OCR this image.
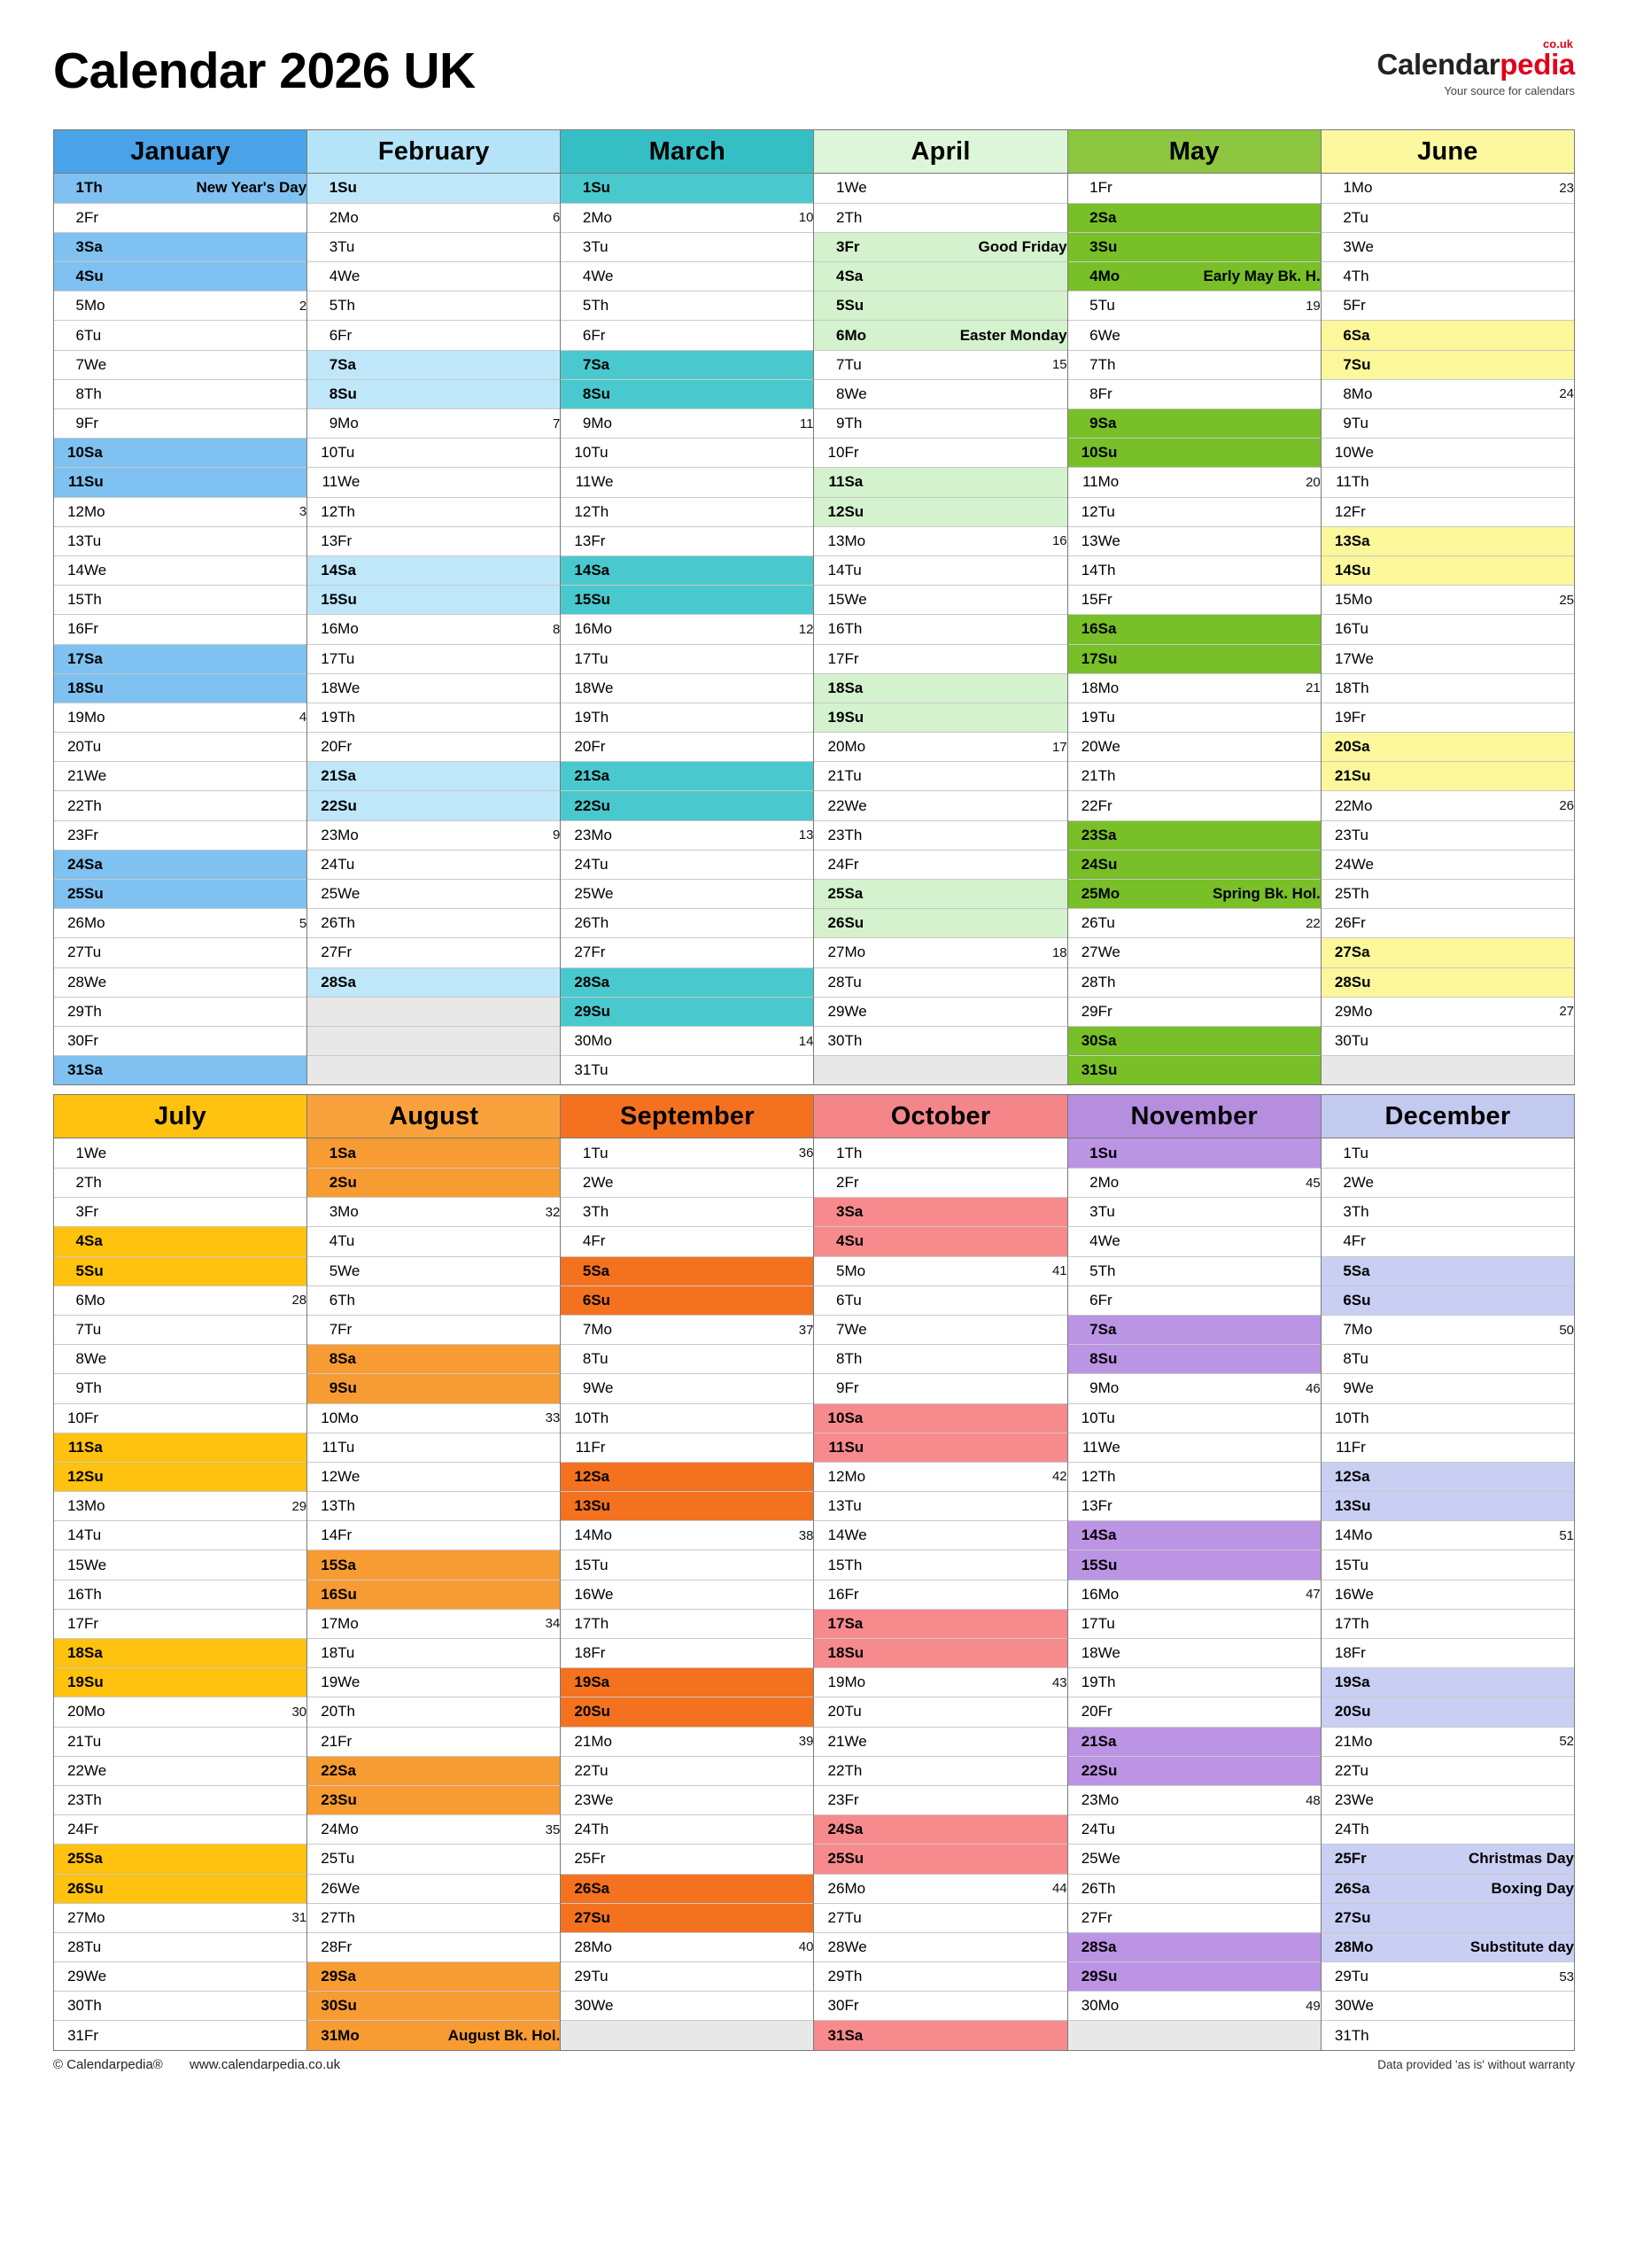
Calendar 2026 UK	co.uk
Calendarpedia
Your source for calendars
January	February	March	April	May	June

1	Th	New Year's Day
2	Fr	
3	Sa	
4	Su	
5	Mo	2
6	Tu	
7	We	
8	Th	
9	Fr	
10	Sa	
11	Su	
12	Mo	3
13	Tu	
14	We	
15	Th	
16	Fr	
17	Sa	
18	Su	
19	Mo	4
20	Tu	
21	We	
22	Th	
23	Fr	
24	Sa	
25	Su	
26	Mo	5
27	Tu	
28	We	
29	Th	
30	Fr	
31	Sa	

1	Su	
2	Mo	6
3	Tu	
4	We	
5	Th	
6	Fr	
7	Sa	
8	Su	
9	Mo	7
10	Tu	
11	We	
12	Th	
13	Fr	
14	Sa	
15	Su	
16	Mo	8
17	Tu	
18	We	
19	Th	
20	Fr	
21	Sa	
22	Su	
23	Mo	9
24	Tu	
25	We	
26	Th	
27	Fr	
28	Sa	

1	Su	
2	Mo	10
3	Tu	
4	We	
5	Th	
6	Fr	
7	Sa	
8	Su	
9	Mo	11
10	Tu	
11	We	
12	Th	
13	Fr	
14	Sa	
15	Su	
16	Mo	12
17	Tu	
18	We	
19	Th	
20	Fr	
21	Sa	
22	Su	
23	Mo	13
24	Tu	
25	We	
26	Th	
27	Fr	
28	Sa	
29	Su	
30	Mo	14
31	Tu	

1	We	
2	Th	
3	Fr	Good Friday
4	Sa	
5	Su	
6	Mo	Easter Monday
7	Tu	15
8	We	
9	Th	
10	Fr	
11	Sa	
12	Su	
13	Mo	16
14	Tu	
15	We	
16	Th	
17	Fr	
18	Sa	
19	Su	
20	Mo	17
21	Tu	
22	We	
23	Th	
24	Fr	
25	Sa	
26	Su	
27	Mo	18
28	Tu	
29	We	
30	Th	

1	Fr	
2	Sa	
3	Su	
4	Mo	Early May Bk. H.
5	Tu	19
6	We	
7	Th	
8	Fr	
9	Sa	
10	Su	
11	Mo	20
12	Tu	
13	We	
14	Th	
15	Fr	
16	Sa	
17	Su	
18	Mo	21
19	Tu	
20	We	
21	Th	
22	Fr	
23	Sa	
24	Su	
25	Mo	Spring Bk. Hol.
26	Tu	22
27	We	
28	Th	
29	Fr	
30	Sa	
31	Su	

1	Mo	23
2	Tu	
3	We	
4	Th	
5	Fr	
6	Sa	
7	Su	
8	Mo	24
9	Tu	
10	We	
11	Th	
12	Fr	
13	Sa	
14	Su	
15	Mo	25
16	Tu	
17	We	
18	Th	
19	Fr	
20	Sa	
21	Su	
22	Mo	26
23	Tu	
24	We	
25	Th	
26	Fr	
27	Sa	
28	Su	
29	Mo	27
30	Tu	

July	August	September	October	November	December

1	We	
2	Th	
3	Fr	
4	Sa	
5	Su	
6	Mo	28
7	Tu	
8	We	
9	Th	
10	Fr	
11	Sa	
12	Su	
13	Mo	29
14	Tu	
15	We	
16	Th	
17	Fr	
18	Sa	
19	Su	
20	Mo	30
21	Tu	
22	We	
23	Th	
24	Fr	
25	Sa	
26	Su	
27	Mo	31
28	Tu	
29	We	
30	Th	
31	Fr	

1	Sa	
2	Su	
3	Mo	32
4	Tu	
5	We	
6	Th	
7	Fr	
8	Sa	
9	Su	
10	Mo	33
11	Tu	
12	We	
13	Th	
14	Fr	
15	Sa	
16	Su	
17	Mo	34
18	Tu	
19	We	
20	Th	
21	Fr	
22	Sa	
23	Su	
24	Mo	35
25	Tu	
26	We	
27	Th	
28	Fr	
29	Sa	
30	Su	
31	Mo	August Bk. Hol.

1	Tu	36
2	We	
3	Th	
4	Fr	
5	Sa	
6	Su	
7	Mo	37
8	Tu	
9	We	
10	Th	
11	Fr	
12	Sa	
13	Su	
14	Mo	38
15	Tu	
16	We	
17	Th	
18	Fr	
19	Sa	
20	Su	
21	Mo	39
22	Tu	
23	We	
24	Th	
25	Fr	
26	Sa	
27	Su	
28	Mo	40
29	Tu	
30	We	

1	Th	
2	Fr	
3	Sa	
4	Su	
5	Mo	41
6	Tu	
7	We	
8	Th	
9	Fr	
10	Sa	
11	Su	
12	Mo	42
13	Tu	
14	We	
15	Th	
16	Fr	
17	Sa	
18	Su	
19	Mo	43
20	Tu	
21	We	
22	Th	
23	Fr	
24	Sa	
25	Su	
26	Mo	44
27	Tu	
28	We	
29	Th	
30	Fr	
31	Sa	

1	Su	
2	Mo	45
3	Tu	
4	We	
5	Th	
6	Fr	
7	Sa	
8	Su	
9	Mo	46
10	Tu	
11	We	
12	Th	
13	Fr	
14	Sa	
15	Su	
16	Mo	47
17	Tu	
18	We	
19	Th	
20	Fr	
21	Sa	
22	Su	
23	Mo	48
24	Tu	
25	We	
26	Th	
27	Fr	
28	Sa	
29	Su	
30	Mo	49

1	Tu	
2	We	
3	Th	
4	Fr	
5	Sa	
6	Su	
7	Mo	50
8	Tu	
9	We	
10	Th	
11	Fr	
12	Sa	
13	Su	
14	Mo	51
15	Tu	
16	We	
17	Th	
18	Fr	
19	Sa	
20	Su	
21	Mo	52
22	Tu	
23	We	
24	Th	
25	Fr	Christmas Day
26	Sa	Boxing Day
27	Su	
28	Mo	Substitute day
29	Tu	53
30	We	
31	Th	
© Calendarpedia® www.calendarpedia.co.uk	Data provided 'as is' without warranty
